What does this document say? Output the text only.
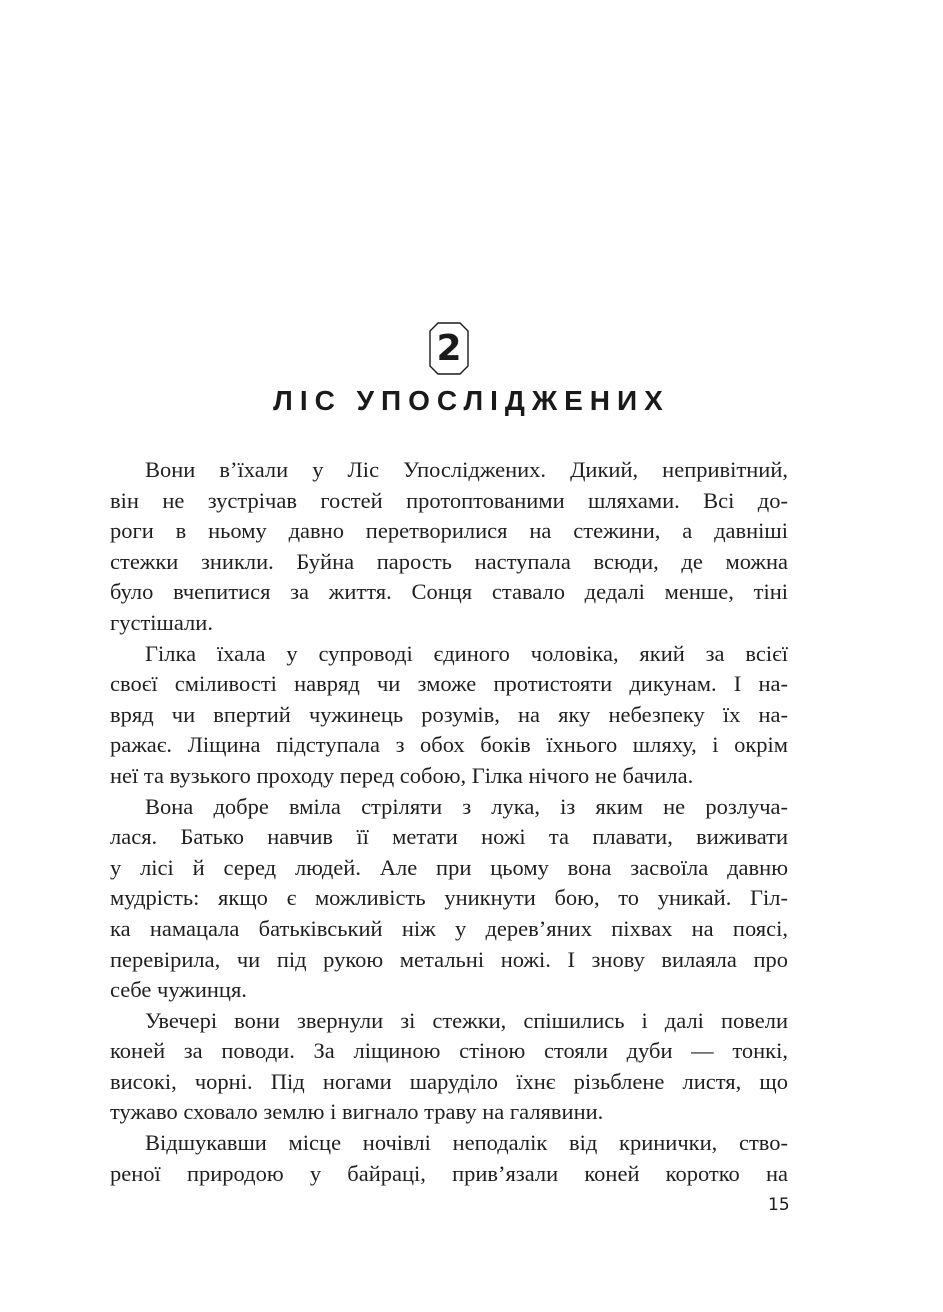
2
ЛІС УПОСЛІДЖЕНИХ

Вони в’їхали у Ліс Упосліджених. Дикий, непривітний,
він не зустрічав гостей протоптованими шляхами. Всі до-
роги в ньому давно перетворилися на стежини, а давніші
стежки зникли. Буйна парость наступала всюди, де можна
було вчепитися за життя. Сонця ставало дедалі менше, тіні
густішали.

Гілка їхала у супроводі єдиного чоловіка, який за всієї
своєї сміливості навряд чи зможе протистояти дикунам. І на-
вряд чи впертий чужинець розумів, на яку небезпеку їх на-
ражає. Ліщина підступала з обох боків їхнього шляху, і окрім
неї та вузького проходу перед собою, Гілка нічого не бачила.

Вона добре вміла стріляти з лука, із яким не розлуча-
лася. Батько навчив її метати ножі та плавати, виживати
у лісі й серед людей. Але при цьому вона засвоїла давню
мудрість: якщо є можливість уникнути бою, то уникай. Гіл-
ка намацала батьківський ніж у дерев’яних піхвах на поясі,
перевірила, чи під рукою метальні ножі. І знову вилаяла про
себе чужинця.

Увечері вони звернули зі стежки, спішились і далі повели
коней за поводи. За ліщиною стіною стояли дуби — тонкі,
високі, чорні. Під ногами шаруділо їхнє різьблене листя, що
тужаво сховало землю і вигнало траву на галявини.

Відшукавши місце ночівлі неподалік від кринички, ство-
реної природою у байраці, прив’язали коней коротко на

15
